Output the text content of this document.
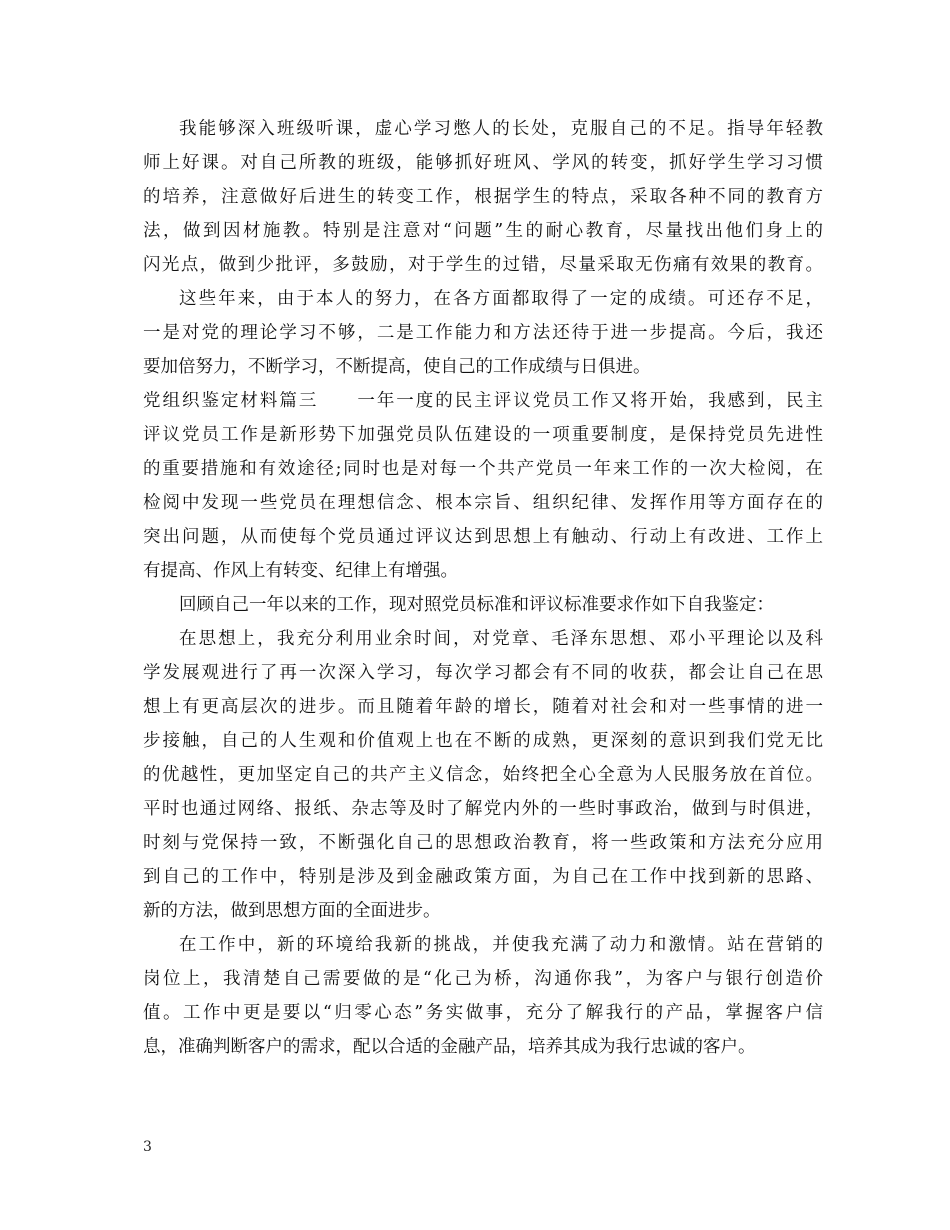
我能够深入班级听课，虚心学习憋人的长处，克服自己的不足。指导年轻教
师上好课。对自己所教的班级，能够抓好班风、学风的转变，抓好学生学习习惯
的培养，注意做好后进生的转变工作，根据学生的特点，采取各种不同的教育方
法，做到因材施教。特别是注意对“问题”生的耐心教育，尽量找出他们身上的
闪光点，做到少批评，多鼓励，对于学生的过错，尽量采取无伤痛有效果的教育。
这些年来，由于本人的努力，在各方面都取得了一定的成绩。可还存不足，
一是对党的理论学习不够，二是工作能力和方法还待于进一步提高。今后，我还
要加倍努力，不断学习，不断提高，使自己的工作成绩与日俱进。
党组织鉴定材料篇三　　一年一度的民主评议党员工作又将开始，我感到，民主
评议党员工作是新形势下加强党员队伍建设的一项重要制度，是保持党员先进性
的重要措施和有效途径;同时也是对每一个共产党员一年来工作的一次大检阅，在
检阅中发现一些党员在理想信念、根本宗旨、组织纪律、发挥作用等方面存在的
突出问题，从而使每个党员通过评议达到思想上有触动、行动上有改进、工作上
有提高、作风上有转变、纪律上有增强。
回顾自己一年以来的工作，现对照党员标准和评议标准要求作如下自我鉴定：
在思想上，我充分利用业余时间，对党章、毛泽东思想、邓小平理论以及科
学发展观进行了再一次深入学习，每次学习都会有不同的收获，都会让自己在思
想上有更高层次的进步。而且随着年龄的增长，随着对社会和对一些事情的进一
步接触，自己的人生观和价值观上也在不断的成熟，更深刻的意识到我们党无比
的优越性，更加坚定自己的共产主义信念，始终把全心全意为人民服务放在首位。
平时也通过网络、报纸、杂志等及时了解党内外的一些时事政治，做到与时俱进，
时刻与党保持一致，不断强化自己的思想政治教育，将一些政策和方法充分应用
到自己的工作中，特别是涉及到金融政策方面，为自己在工作中找到新的思路、
新的方法，做到思想方面的全面进步。
在工作中，新的环境给我新的挑战，并使我充满了动力和激情。站在营销的
岗位上，我清楚自己需要做的是“化己为桥，沟通你我”，为客户与银行创造价
值。工作中更是要以“归零心态”务实做事，充分了解我行的产品，掌握客户信
息，准确判断客户的需求，配以合适的金融产品，培养其成为我行忠诚的客户。
3
